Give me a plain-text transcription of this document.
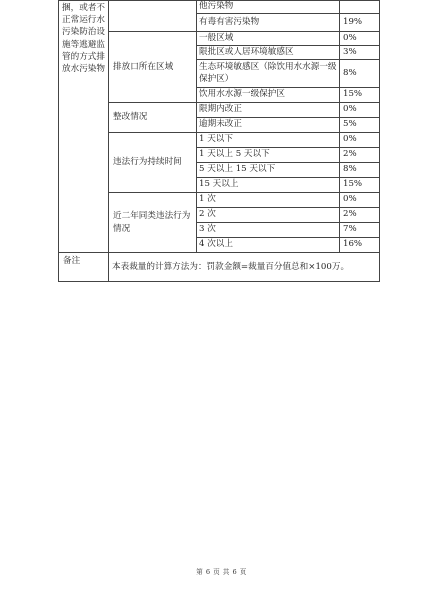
捆，或者不正常运行水污染防治设施等逃避监管的方式排放水污染物		他污染物	
		有毒有害污染物	19%
	排放口所在区域	一般区域	0%
		限批区或人居环境敏感区	3%
		生态环境敏感区（除饮用水水源一级保护区）	8%
		饮用水水源一级保护区	15%
	整改情况	限期内改正	0%
		逾期未改正	5%
	违法行为持续时间	1 天以下	0%
		1 天以上 5 天以下	2%
		5 天以上 15 天以下	8%
		15 天以上	15%
	近二年同类违法行为情况	1 次	0%
		2 次	2%
		3 次	7%
		4 次以上	16%
备注	本表裁量的计算方法为：罚款金额=裁量百分值总和×100万。		
第 6 页 共 6 页
